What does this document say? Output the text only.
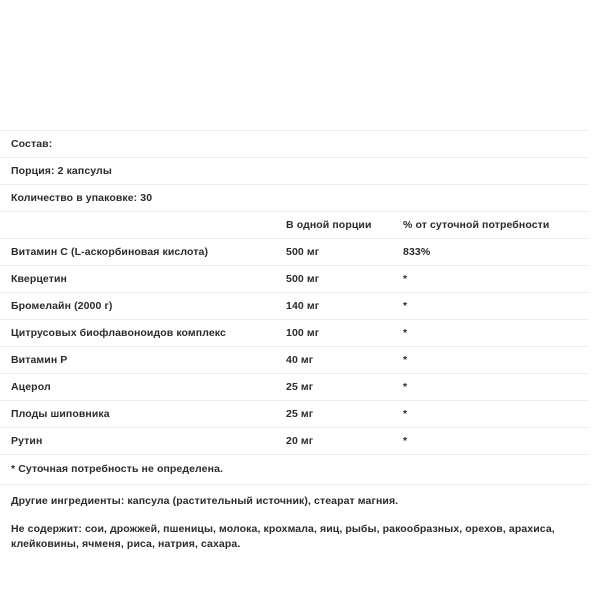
Состав:
Порция: 2 капсулы
Количество в упаковке: 30
	В одной порции	% от суточной потребности
Витамин С (L-аскорбиновая кислота)	500 мг	833%
Кверцетин	500 мг	*
Бромелайн (2000 г)	140 мг	*
Цитрусовых биофлавоноидов комплекс	100 мг	*
Витамин Р	40 мг	*
Ацерол	25 мг	*
Плоды шиповника	25 мг	*
Рутин	20 мг	*
* Суточная потребность не определена.

Другие ингредиенты: капсула (растительный источник), стеарат магния.

Не содержит: сои, дрожжей, пшеницы, молока, крохмала, яиц, рыбы, ракообразных, орехов, арахиса, клейковины, ячменя, риса, натрия, сахара.
